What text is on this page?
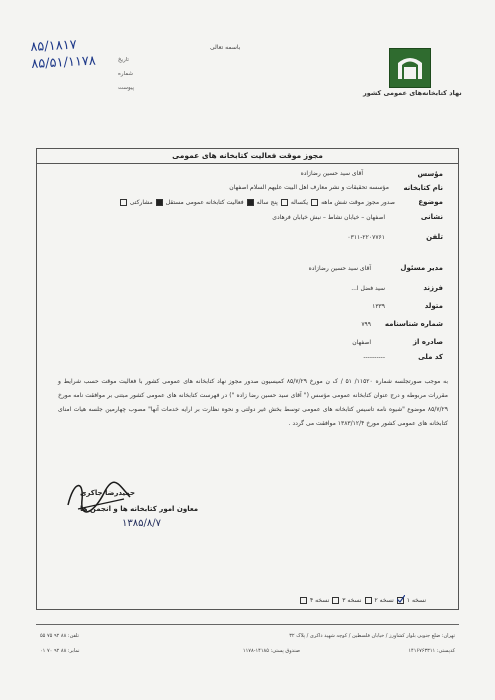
باسمه تعالی
۸۵/۱۸۱۷
۸۵/۵۱/۱۱۷۸	تاریخ
شماره
پیوست
نهاد کتابخانه‌های عمومی کشور
مجوز موقت فعالیت کتابخانه های عمومی
مؤسس
آقای سید حسین رضازاده
نام کتابخانه
مؤسسه تحقیقات و نشر معارف اهل البیت علیهم السلام اصفهان
موضوع
صدور مجوز موقت شش ماهه
یکساله
پنج ساله
فعالیت کتابخانه عمومی مستقل
مشارکتی
نشانی
اصفهان – خیابان نشاط – نبش خیابان فرهادی
تلفن
۰۳۱۱-۲۲۰۷۷۶۱
مدیر مسئول
آقای سید حسین رضازاده
فرزند
سید فضل ا...
متولد
۱۳۳۹
شماره شناسنامه
۷۹۹
صادره از
اصفهان
کد ملی
----------
به موجب صورتجلسه شماره ۱۱۵۲۰/ ۵۱ / ک ن مورخ ۸۵/۷/۲۹ کمیسیون صدور مجوز نهاد کتابخانه های عمومی کشور با فعالیت موقت حسب شرایط و مقررات مربوطه و درج عنوان کتابخانه عمومی مؤسس (" آقای سید حسین رضا زاده ") در فهرست کتابخانه های عمومی کشور مبتنی بر موافقت نامه مورخ ۸۵/۷/۲۹ موضوع "شیوه نامه تاسیس کتابخانه های عمومی توسط بخش غیر دولتی و نحوه نظارت بر ارایه خدمات آنها" مصوب چهارمین جلسه هیات امنای کتابخانه های عمومی کشور مورخ ۱۳۸۳/۱۲/۴ موافقت می گردد .
حمیدرضا جاکری
معاون امور کتابخانه ها و انجمن ها
۱۳۸۵/۸/۷
نسخه ۱
نسخه ۲
نسخه ۳
نسخه ۴
تهران: ضلع جنوبی بلوار کشاورز / خیابان فلسطین / کوچه شهید ذاکری / پلاک ۳۲
کدپستی: ۱۴۱۶۷۶۳۳۱۱
صندوق پستی: ۱۴۱۸۵-۱۱۷۸
تلفن: ۸۸ ۹۲ ۷۵ ۵۵
نمابر: ۸۸ ۹۲ ۷۰ ۰۱
